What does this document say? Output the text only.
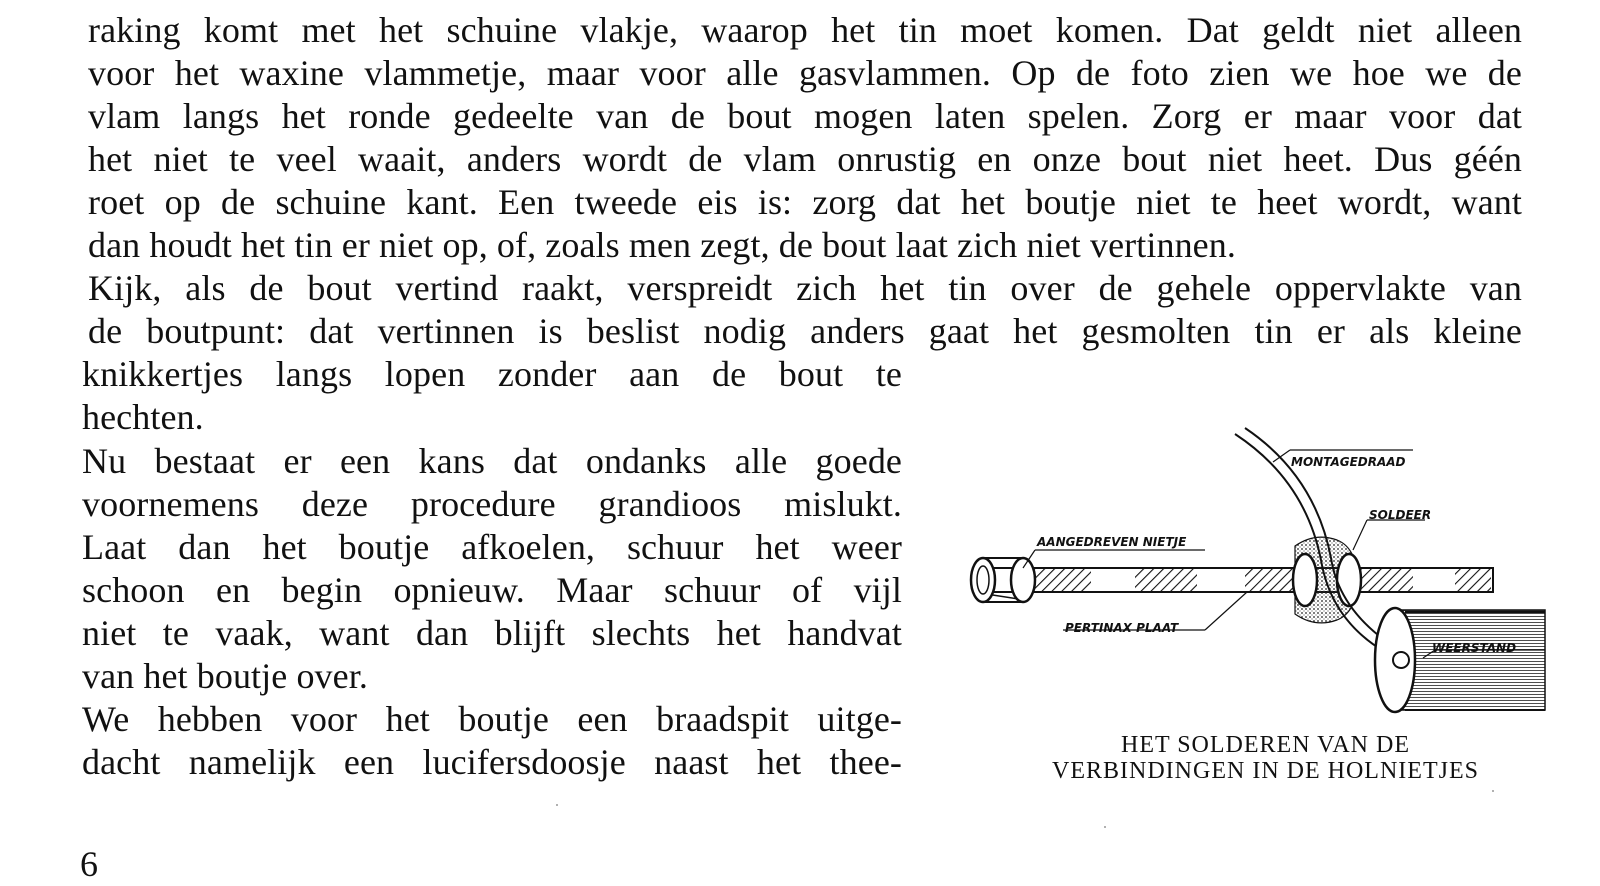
raking komt met het schuine vlakje, waarop het tin moet komen. Dat geldt niet alleen
voor het waxine vlammetje, maar voor alle gasvlammen. Op de foto zien we hoe we de
vlam langs het ronde gedeelte van de bout mogen laten spelen. Zorg er maar voor dat
het niet te veel waait, anders wordt de vlam onrustig en onze bout niet heet. Dus géén
roet op de schuine kant. Een tweede eis is: zorg dat het boutje niet te heet wordt, want
dan houdt het tin er niet op, of, zoals men zegt, de bout laat zich niet vertinnen.
Kijk, als de bout vertind raakt, verspreidt zich het tin over de gehele oppervlakte van
de boutpunt: dat vertinnen is beslist nodig anders gaat het gesmolten tin er als kleine
knikkertjes langs lopen zonder aan de bout te
hechten.
Nu bestaat er een kans dat ondanks alle goede
voornemens deze procedure grandioos mislukt.
Laat dan het boutje afkoelen, schuur het weer
schoon en begin opnieuw. Maar schuur of vijl
niet te vaak, want dan blijft slechts het handvat
van het boutje over.
We hebben voor het boutje een braadspit uitge-
dacht namelijk een lucifersdoosje naast het thee-
MONTAGEDRAAD
SOLDEER
AANGEDREVEN NIETJE
PERTINAX PLAAT
WEERSTAND
HET SOLDEREN VAN DE
VERBINDINGEN IN DE HOLNIETJES
6
